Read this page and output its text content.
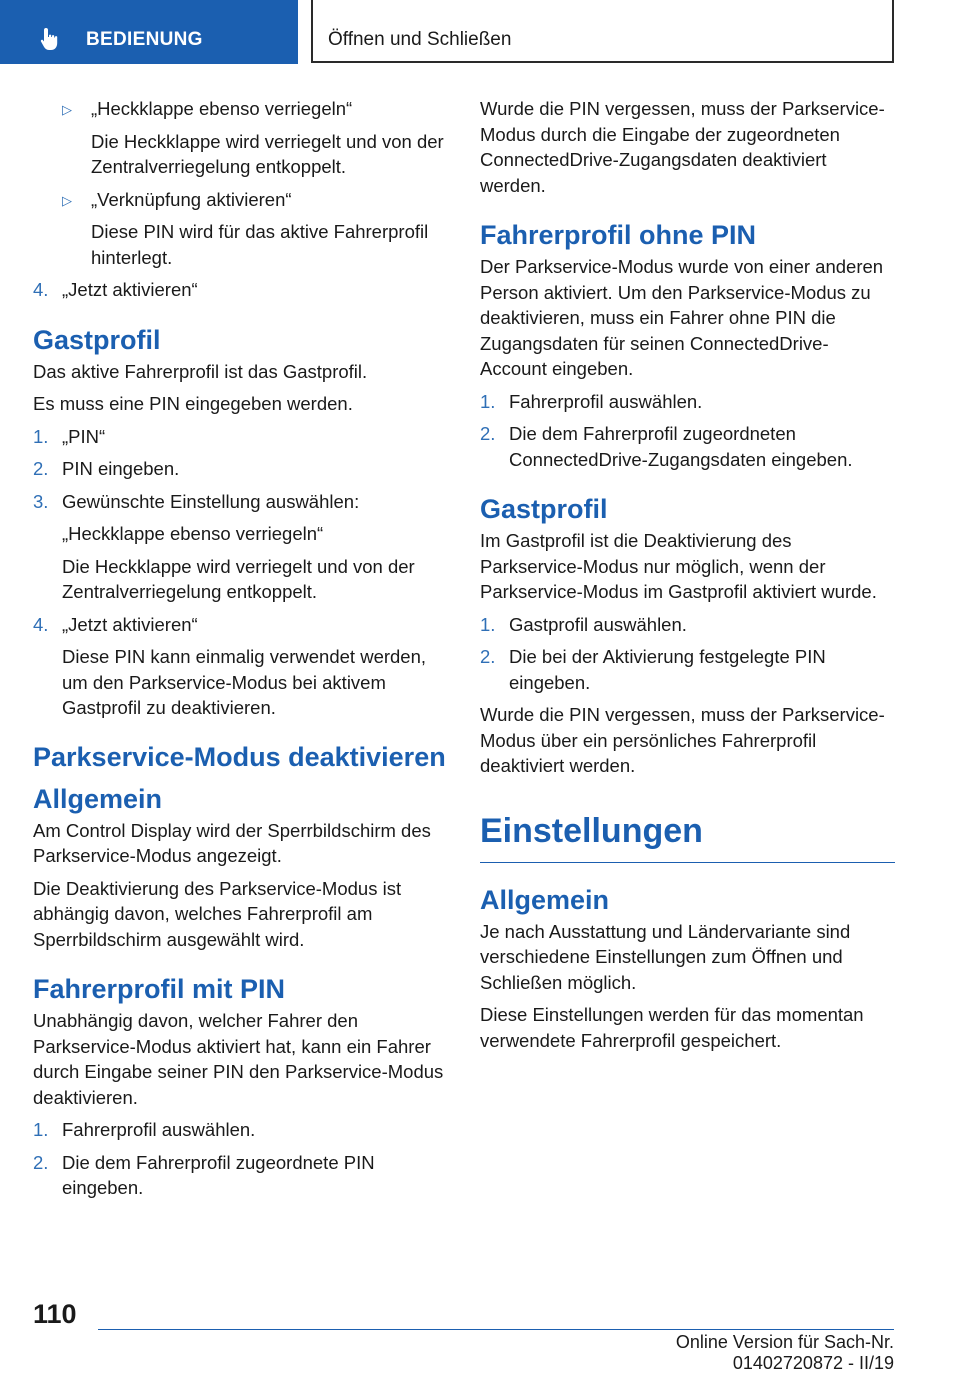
BEDIENUNG	Öffnen und Schließen
▷ „Heckklappe ebenso verriegeln“

Die Heckklappe wird verriegelt und von der Zentralverriegelung entkoppelt.

▷ „Verknüpfung aktivieren“

Diese PIN wird für das aktive Fahrerprofil hinterlegt.

4. „Jetzt aktivieren“
Gastprofil

Das aktive Fahrerprofil ist das Gastprofil.

Es muss eine PIN eingegeben werden.

1. „PIN“
2. PIN eingeben.
3. Gewünschte Einstellung auswählen:

„Heckklappe ebenso verriegeln“

Die Heckklappe wird verriegelt und von der Zentralverriegelung entkoppelt.

4. „Jetzt aktivieren“

Diese PIN kann einmalig verwendet werden, um den Parkservice-Modus bei aktivem Gastprofil zu deaktivieren.

Parkservice-Modus deaktivieren
Allgemein

Am Control Display wird der Sperrbildschirm des Parkservice-Modus angezeigt.

Die Deaktivierung des Parkservice-Modus ist abhängig davon, welches Fahrerprofil am Sperrbildschirm ausgewählt wird.

Fahrerprofil mit PIN

Unabhängig davon, welcher Fahrer den Parkservice-Modus aktiviert hat, kann ein Fahrer durch Eingabe seiner PIN den Parkservice-Modus deaktivieren.

1. Fahrerprofil auswählen.
2. Die dem Fahrerprofil zugeordnete PIN eingeben.

Wurde die PIN vergessen, muss der Parkservice-Modus durch die Eingabe der zugeordneten ConnectedDrive-Zugangsdaten deaktiviert werden.

Fahrerprofil ohne PIN

Der Parkservice-Modus wurde von einer anderen Person aktiviert. Um den Parkservice-Modus zu deaktivieren, muss ein Fahrer ohne PIN die Zugangsdaten für seinen ConnectedDrive-Account eingeben.

1. Fahrerprofil auswählen.
2. Die dem Fahrerprofil zugeordneten ConnectedDrive-Zugangsdaten eingeben.
Gastprofil

Im Gastprofil ist die Deaktivierung des Parkservice-Modus nur möglich, wenn der Parkservice-Modus im Gastprofil aktiviert wurde.

1. Gastprofil auswählen.
2. Die bei der Aktivierung festgelegte PIN eingeben.

Wurde die PIN vergessen, muss der Parkservice-Modus über ein persönliches Fahrerprofil deaktiviert werden.

Einstellungen
Allgemein

Je nach Ausstattung und Ländervariante sind verschiedene Einstellungen zum Öffnen und Schließen möglich.

Diese Einstellungen werden für das momentan verwendete Fahrerprofil gespeichert.

110
Online Version für Sach-Nr. 01402720872 - II/19
